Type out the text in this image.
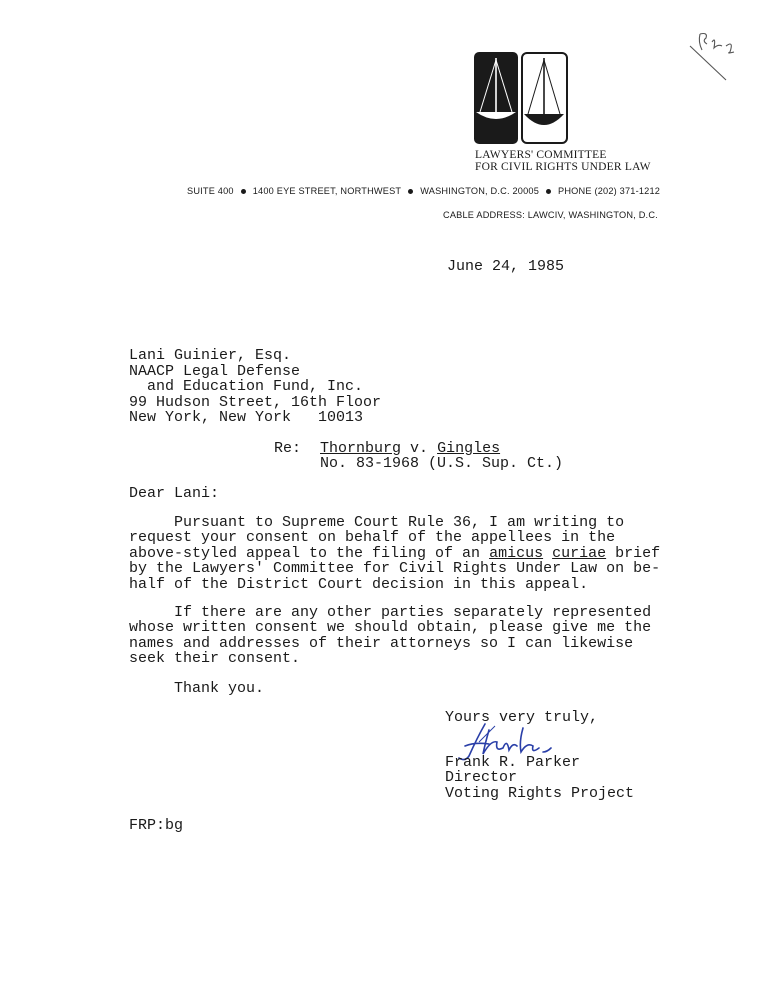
LAWYERS' COMMITTEE
FOR CIVIL RIGHTS UNDER LAW
SUITE 400 1400 EYE STREET, NORTHWEST WASHINGTON, D.C. 20005 PHONE (202) 371-1212
CABLE ADDRESS: LAWCIV, WASHINGTON, D.C.
June 24, 1985
Lani Guinier, Esq.
NAACP Legal Defense
and Education Fund, Inc.
99 Hudson Street, 16th Floor
New York, New York   10013
Re: Thornburg v. Gingles
No. 83-1968 (U.S. Sup. Ct.)
Dear Lani:
Pursuant to Supreme Court Rule 36, I am writing to
request your consent on behalf of the appellees in the
above-styled appeal to the filing of an amicus curiae brief
by the Lawyers' Committee for Civil Rights Under Law on be-
half of the District Court decision in this appeal.
If there are any other parties separately represented
whose written consent we should obtain, please give me the
names and addresses of their attorneys so I can likewise
seek their consent.
Thank you.
Yours very truly,
Frank R. Parker
Director
Voting Rights Project
FRP:bg
